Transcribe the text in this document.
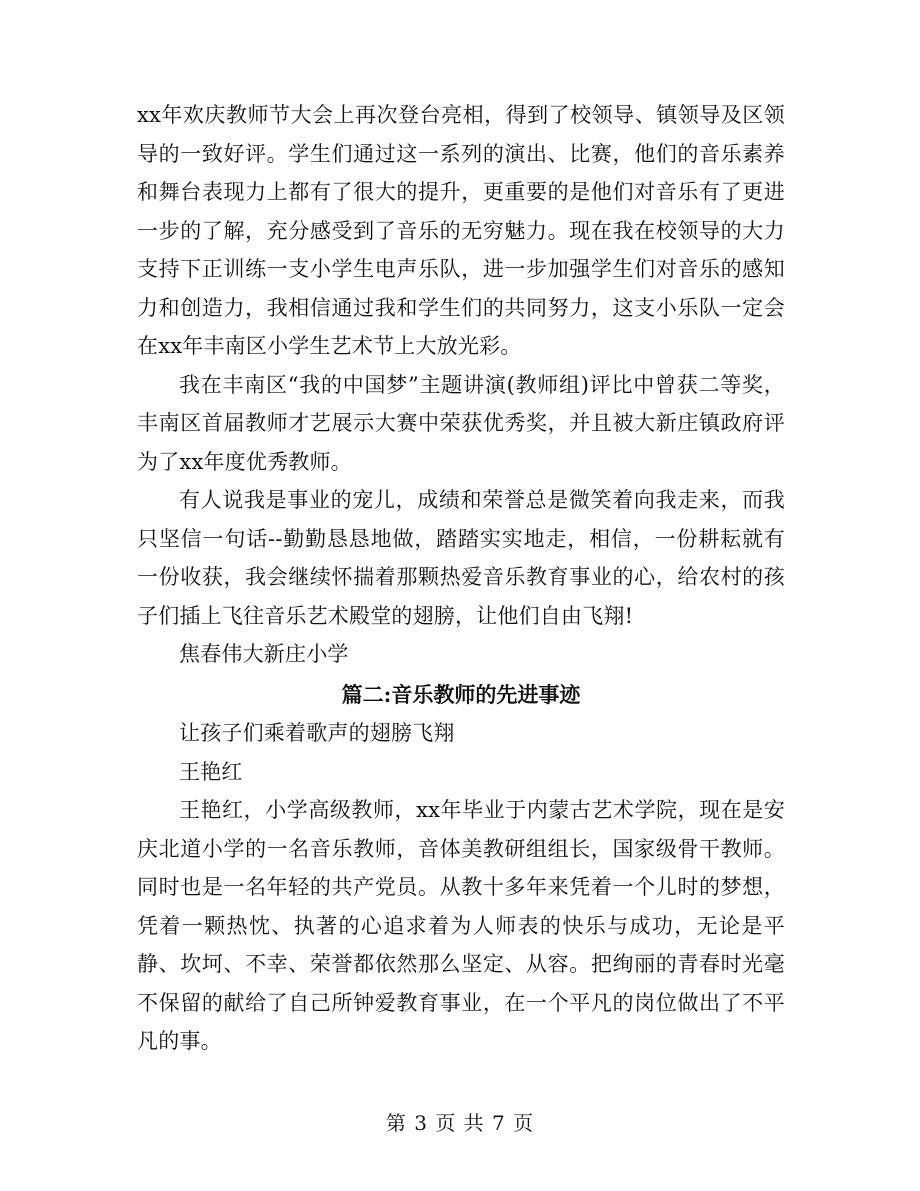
xx年欢庆教师节大会上再次登台亮相，得到了校领导、镇领导及区领导的一致好评。学生们通过这一系列的演出、比赛，他们的音乐素养和舞台表现力上都有了很大的提升，更重要的是他们对音乐有了更进一步的了解，充分感受到了音乐的无穷魅力。现在我在校领导的大力支持下正训练一支小学生电声乐队，进一步加强学生们对音乐的感知力和创造力，我相信通过我和学生们的共同努力，这支小乐队一定会在xx年丰南区小学生艺术节上大放光彩。

我在丰南区“我的中国梦”主题讲演(教师组)评比中曾获二等奖，丰南区首届教师才艺展示大赛中荣获优秀奖，并且被大新庄镇政府评为了xx年度优秀教师。

有人说我是事业的宠儿，成绩和荣誉总是微笑着向我走来，而我只坚信一句话--勤勤恳恳地做，踏踏实实地走，相信，一份耕耘就有一份收获，我会继续怀揣着那颗热爱音乐教育事业的心，给农村的孩子们插上飞往音乐艺术殿堂的翅膀，让他们自由飞翔!

焦春伟大新庄小学

篇二:音乐教师的先进事迹

让孩子们乘着歌声的翅膀飞翔

王艳红

王艳红，小学高级教师，xx年毕业于内蒙古艺术学院，现在是安庆北道小学的一名音乐教师，音体美教研组组长，国家级骨干教师。同时也是一名年轻的共产党员。从教十多年来凭着一个儿时的梦想，凭着一颗热忱、执著的心追求着为人师表的快乐与成功，无论是平静、坎坷、不幸、荣誉都依然那么坚定、从容。把绚丽的青春时光毫不保留的献给了自己所钟爱教育事业，在一个平凡的岗位做出了不平凡的事。

第 3 页 共 7 页
